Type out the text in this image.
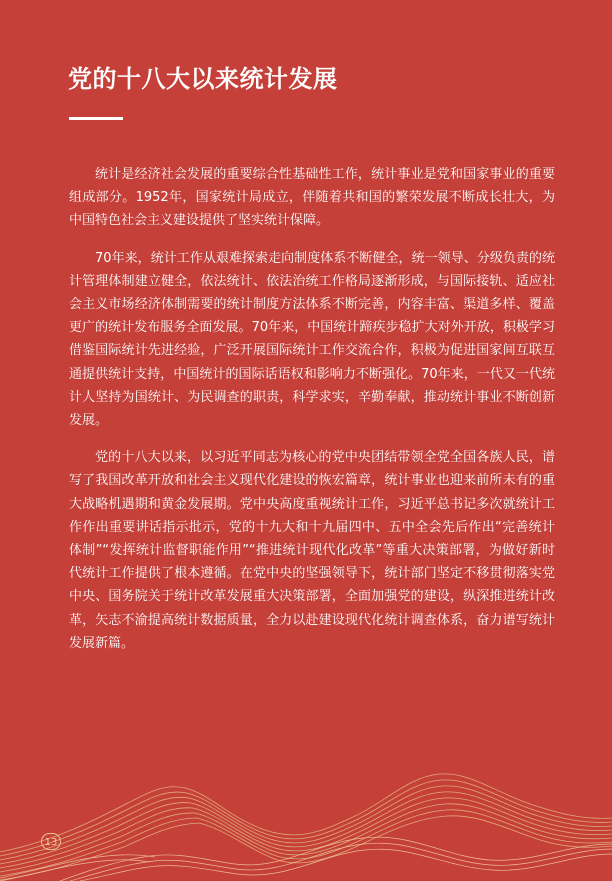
党的十八大以来统计发展

统计是经济社会发展的重要综合性基础性工作，统计事业是党和国家事业的重要组成部分。1952年，国家统计局成立，伴随着共和国的繁荣发展不断成长壮大，为中国特色社会主义建设提供了坚实统计保障。

70年来，统计工作从艰难探索走向制度体系不断健全，统一领导、分级负责的统计管理体制建立健全，依法统计、依法治统工作格局逐渐形成，与国际接轨、适应社会主义市场经济体制需要的统计制度方法体系不断完善，内容丰富、渠道多样、覆盖更广的统计发布服务全面发展。70年来，中国统计蹄疾步稳扩大对外开放，积极学习借鉴国际统计先进经验，广泛开展国际统计工作交流合作，积极为促进国家间互联互通提供统计支持，中国统计的国际话语权和影响力不断强化。70年来，一代又一代统计人坚持为国统计、为民调查的职责，科学求实，辛勤奉献，推动统计事业不断创新发展。

党的十八大以来，以习近平同志为核心的党中央团结带领全党全国各族人民，谱写了我国改革开放和社会主义现代化建设的恢宏篇章，统计事业也迎来前所未有的重大战略机遇期和黄金发展期。党中央高度重视统计工作，习近平总书记多次就统计工作作出重要讲话指示批示，党的十九大和十九届四中、五中全会先后作出“完善统计体制”“发挥统计监督职能作用”“推进统计现代化改革”等重大决策部署，为做好新时代统计工作提供了根本遵循。在党中央的坚强领导下，统计部门坚定不移贯彻落实党中央、国务院关于统计改革发展重大决策部署，全面加强党的建设，纵深推进统计改革，矢志不渝提高统计数据质量，全力以赴建设现代化统计调查体系，奋力谱写统计发展新篇。

13
